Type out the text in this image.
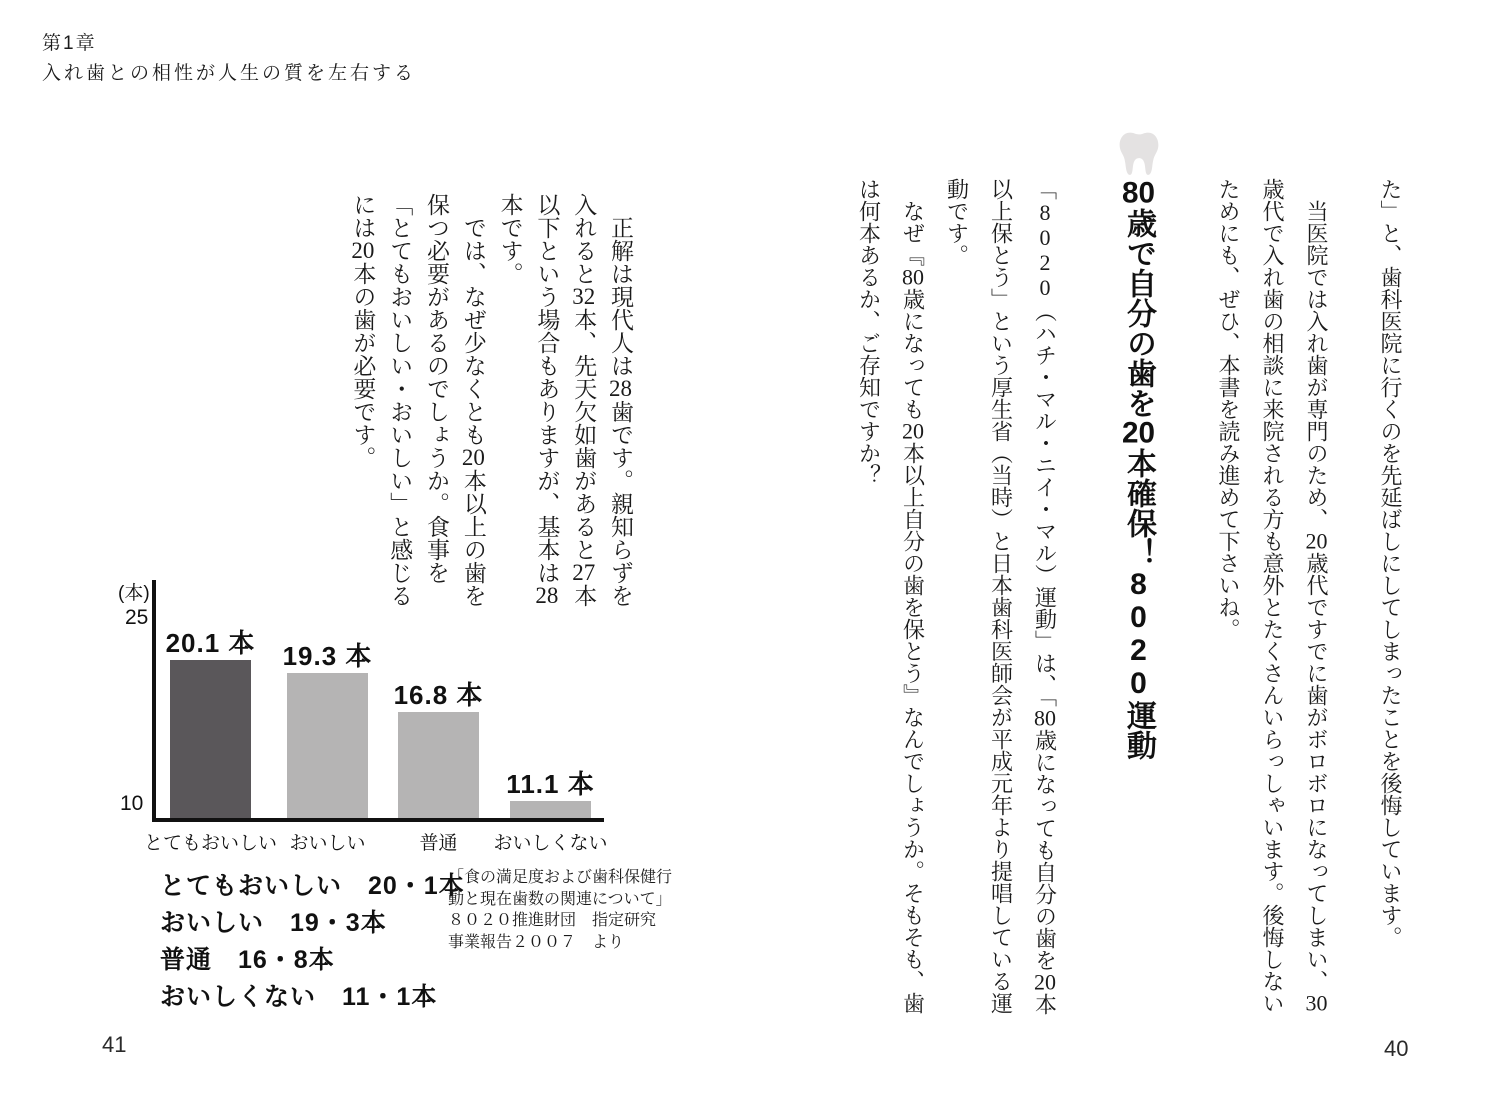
第1章
入れ歯との相性が人生の質を左右する

正解は現代人は28歯です。親知らずを入れると32本、先天欠如歯があると27本以下という場合もありますが、基本は28本です。

では、なぜ少なくとも20本以上の歯を保つ必要があるのでしょうか。食事を「とてもおいしい・おいしい」と感じるには20本の歯が必要です。

(本)
25
10
20.1 本
とてもおいしい
19.3 本
おいしい
16.8 本
普通
11.1 本
おいしくない
とてもおいしい　20・1本
おいしい　19・3本
普通　16・8本
おいしくない　11・1本
「食の満足度および歯科保健行
動と現在歯数の関連について」
８０２０推進財団　指定研究
事業報告２００７　より
41

た」と、歯科医院に行くのを先延ばしにしてしまったことを後悔しています。

当医院では入れ歯が専門のため、20歳代ですでに歯がボロボロになってしまい、30歳代で入れ歯の相談に来院される方も意外とたくさんいらっしゃいます。後悔しないためにも、ぜひ、本書を読み進めて下さいね。

80歳で自分の歯を20本確保！8020運動

「8020（ハチ・マル・ニイ・マル）運動」は、「80歳になっても自分の歯を20本以上保とう」という厚生省（当時）と日本歯科医師会が平成元年より提唱している運動です。

なぜ『80歳になっても20本以上自分の歯を保とう』なんでしょうか。そもそも、歯は何本あるか、ご存知ですか？

40
